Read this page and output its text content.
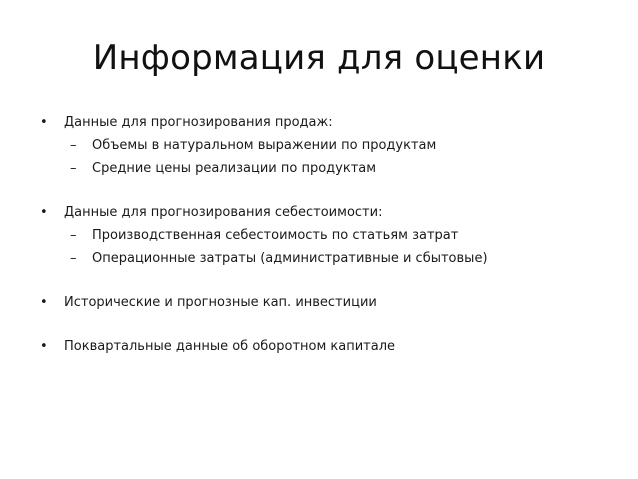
Информация для оценки
•	Данные для прогнозирования продаж:
– Объемы в натуральном выражении по продуктам
– Средние цены реализации по продуктам
•	Данные для прогнозирования себестоимости:
– Производственная себестоимость по статьям затрат
– Операционные затраты (административные и сбытовые)
•	Исторические и прогнозные кап. инвестиции
•	Поквартальные данные об оборотном капитале
